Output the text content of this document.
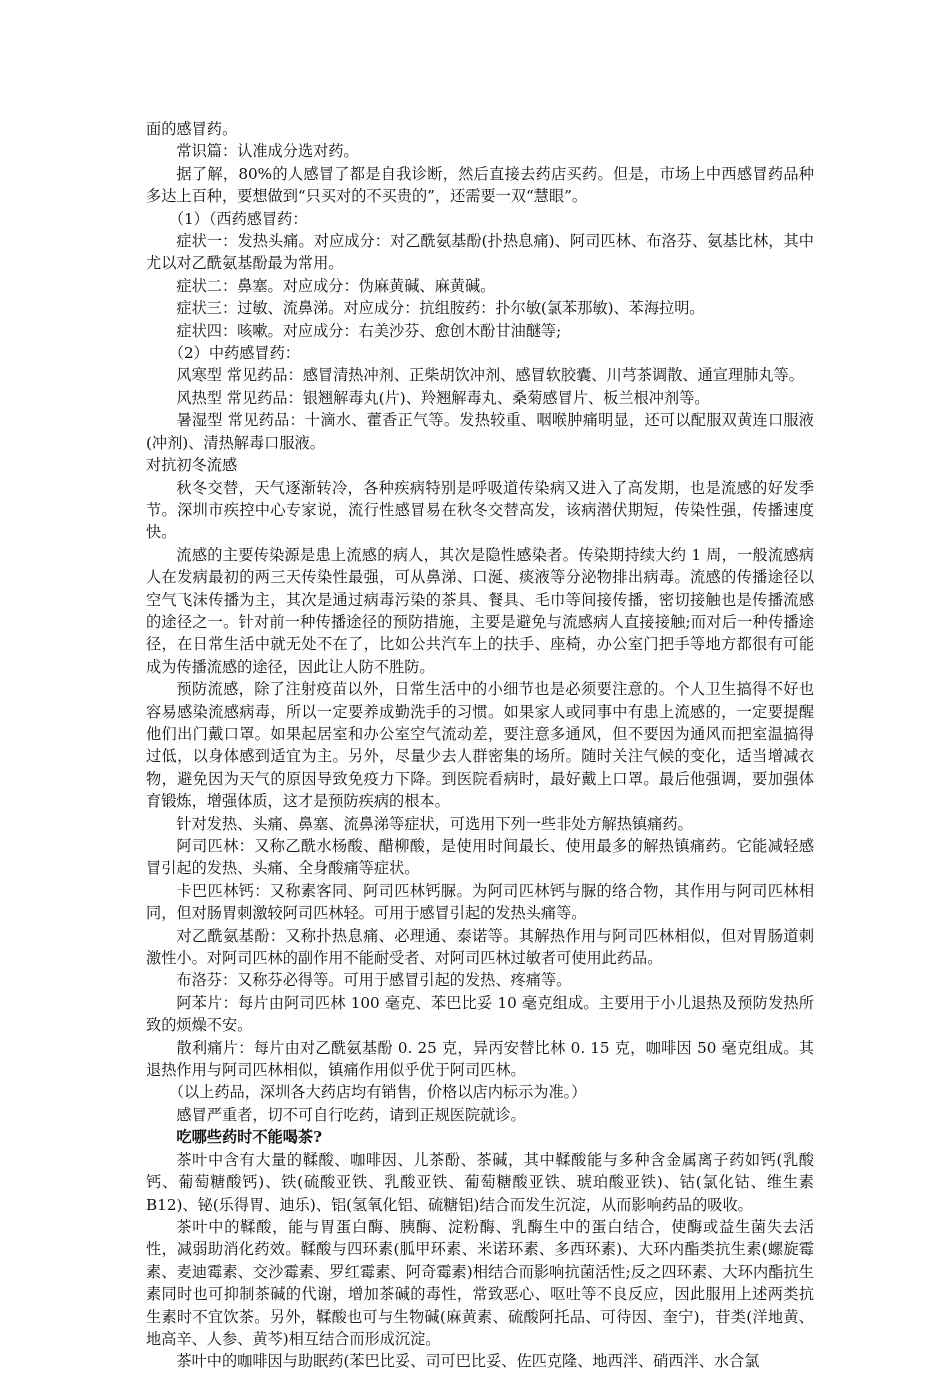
面的感冒药。

常识篇：认准成分选对药。

据了解，80%的人感冒了都是自我诊断，然后直接去药店买药。但是，市场上中西感冒药品种多达上百种，要想做到“只买对的不买贵的”，还需要一双“慧眼”。

（1）（西药感冒药：

症状一：发热头痛。对应成分：对乙酰氨基酚(扑热息痛)、阿司匹林、布洛芬、氨基比林，其中尤以对乙酰氨基酚最为常用。

症状二：鼻塞。对应成分：伪麻黄碱、麻黄碱。

症状三：过敏、流鼻涕。对应成分：抗组胺药：扑尔敏(氯苯那敏)、苯海拉明。

症状四：咳嗽。对应成分：右美沙芬、愈创木酚甘油醚等;

（2）中药感冒药：

风寒型 常见药品：感冒清热冲剂、正柴胡饮冲剂、感冒软胶囊、川芎茶调散、通宣理肺丸等。

风热型 常见药品：银翘解毒丸(片)、羚翘解毒丸、桑菊感冒片、板兰根冲剂等。

暑湿型 常见药品：十滴水、藿香正气等。发热较重、咽喉肿痛明显，还可以配服双黄连口服液(冲剂)、清热解毒口服液。

对抗初冬流感

秋冬交替，天气逐渐转冷，各种疾病特别是呼吸道传染病又进入了高发期，也是流感的好发季节。深圳市疾控中心专家说，流行性感冒易在秋冬交替高发，该病潜伏期短，传染性强，传播速度快。

流感的主要传染源是患上流感的病人，其次是隐性感染者。传染期持续大约 1 周，一般流感病人在发病最初的两三天传染性最强，可从鼻涕、口涎、痰液等分泌物排出病毒。流感的传播途径以空气飞沫传播为主，其次是通过病毒污染的茶具、餐具、毛巾等间接传播，密切接触也是传播流感的途径之一。针对前一种传播途径的预防措施，主要是避免与流感病人直接接触;而对后一种传播途径，在日常生活中就无处不在了，比如公共汽车上的扶手、座椅，办公室门把手等地方都很有可能成为传播流感的途径，因此让人防不胜防。

预防流感，除了注射疫苗以外，日常生活中的小细节也是必须要注意的。个人卫生搞得不好也容易感染流感病毒，所以一定要养成勤洗手的习惯。如果家人或同事中有患上流感的，一定要提醒他们出门戴口罩。如果起居室和办公室空气流动差，要注意多通风，但不要因为通风而把室温搞得过低，以身体感到适宜为主。另外，尽量少去人群密集的场所。随时关注气候的变化，适当增减衣物，避免因为天气的原因导致免疫力下降。到医院看病时，最好戴上口罩。最后他强调，要加强体育锻炼，增强体质，这才是预防疾病的根本。

针对发热、头痛、鼻塞、流鼻涕等症状，可选用下列一些非处方解热镇痛药。

阿司匹林：又称乙酰水杨酸、醋柳酸，是使用时间最长、使用最多的解热镇痛药。它能减轻感冒引起的发热、头痛、全身酸痛等症状。

卡巴匹林钙：又称素客同、阿司匹林钙脲。为阿司匹林钙与脲的络合物，其作用与阿司匹林相同，但对肠胃刺激较阿司匹林轻。可用于感冒引起的发热头痛等。

对乙酰氨基酚：又称扑热息痛、必理通、泰诺等。其解热作用与阿司匹林相似，但对胃肠道刺激性小。对阿司匹林的副作用不能耐受者、对阿司匹林过敏者可使用此药品。

布洛芬：又称芬必得等。可用于感冒引起的发热、疼痛等。

阿苯片：每片由阿司匹林 100 毫克、苯巴比妥 10 毫克组成。主要用于小儿退热及预防发热所致的烦燥不安。

散利痛片：每片由对乙酰氨基酚 0. 25 克，异丙安替比林 0. 15 克，咖啡因 50 毫克组成。其退热作用与阿司匹林相似，镇痛作用似乎优于阿司匹林。

（以上药品，深圳各大药店均有销售，价格以店内标示为准。）

感冒严重者，切不可自行吃药，请到正规医院就诊。

吃哪些药时不能喝茶?

茶叶中含有大量的鞣酸、咖啡因、儿茶酚、茶碱，其中鞣酸能与多种含金属离子药如钙(乳酸钙、葡萄糖酸钙)、铁(硫酸亚铁、乳酸亚铁、葡萄糖酸亚铁、琥珀酸亚铁)、钴(氯化钴、维生素 B12)、铋(乐得胃、迪乐)、铝(氢氧化铝、硫糖铝)结合而发生沉淀，从而影响药品的吸收。

茶叶中的鞣酸，能与胃蛋白酶、胰酶、淀粉酶、乳酶生中的蛋白结合，使酶或益生菌失去活性，减弱助消化药效。鞣酸与四环素(胍甲环素、米诺环素、多西环素)、大环内酯类抗生素(螺旋霉素、麦迪霉素、交沙霉素、罗红霉素、阿奇霉素)相结合而影响抗菌活性;反之四环素、大环内酯抗生素同时也可抑制茶碱的代谢，增加茶碱的毒性，常致恶心、呕吐等不良反应，因此服用上述两类抗生素时不宜饮茶。另外，鞣酸也可与生物碱(麻黄素、硫酸阿托品、可待因、奎宁)，苷类(洋地黄、地高辛、人参、黄芩)相互结合而形成沉淀。

茶叶中的咖啡因与助眠药(苯巴比妥、司可巴比妥、佐匹克隆、地西泮、硝西泮、水合氯
